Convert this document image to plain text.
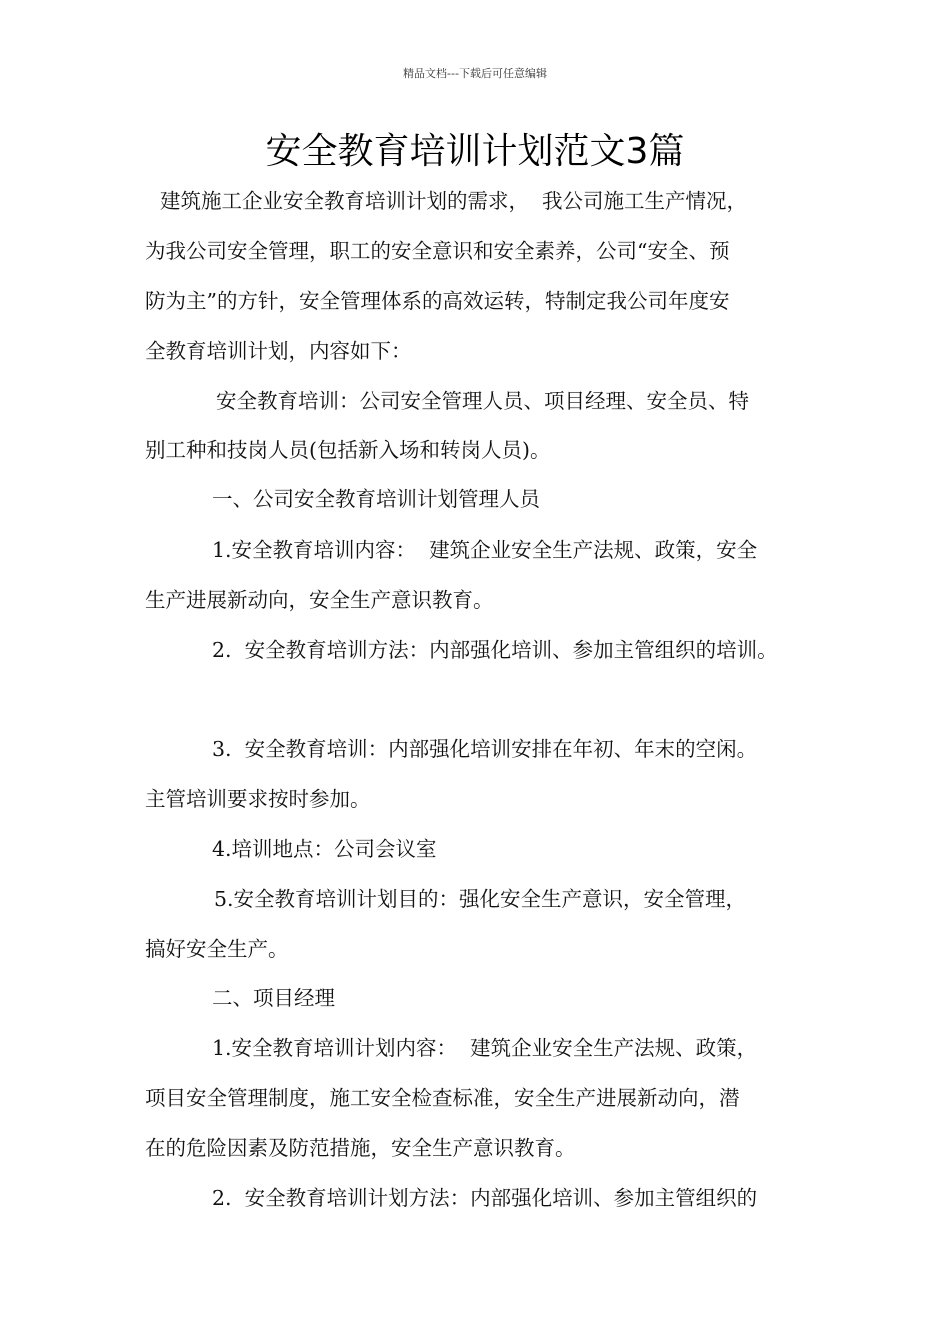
精品文档---下载后可任意编辑
安全教育培训计划范文3篇
建筑施工企业安全教育培训计划的需求，  我公司施工生产情况，
为我公司安全管理，职工的安全意识和安全素养，公司“安全、预
防为主”的方针，安全管理体系的高效运转，特制定我公司年度安
全教育培训计划，内容如下：
安全教育培训：公司安全管理人员、项目经理、安全员、特
别工种和技岗人员(包括新入场和转岗人员)。
一、公司安全教育培训计划管理人员
1.安全教育培训内容：  建筑企业安全生产法规、政策，安全
生产进展新动向，安全生产意识教育。
2.  安全教育培训方法：内部强化培训、参加主管组织的培训。
3.  安全教育培训：内部强化培训安排在年初、年末的空闲。
主管培训要求按时参加。
4.培训地点：公司会议室
5.安全教育培训计划目的：强化安全生产意识，安全管理，
搞好安全生产。
二、项目经理
1.安全教育培训计划内容：  建筑企业安全生产法规、政策，
项目安全管理制度，施工安全检查标准，安全生产进展新动向，潜
在的危险因素及防范措施，安全生产意识教育。
2.  安全教育培训计划方法：内部强化培训、参加主管组织的
